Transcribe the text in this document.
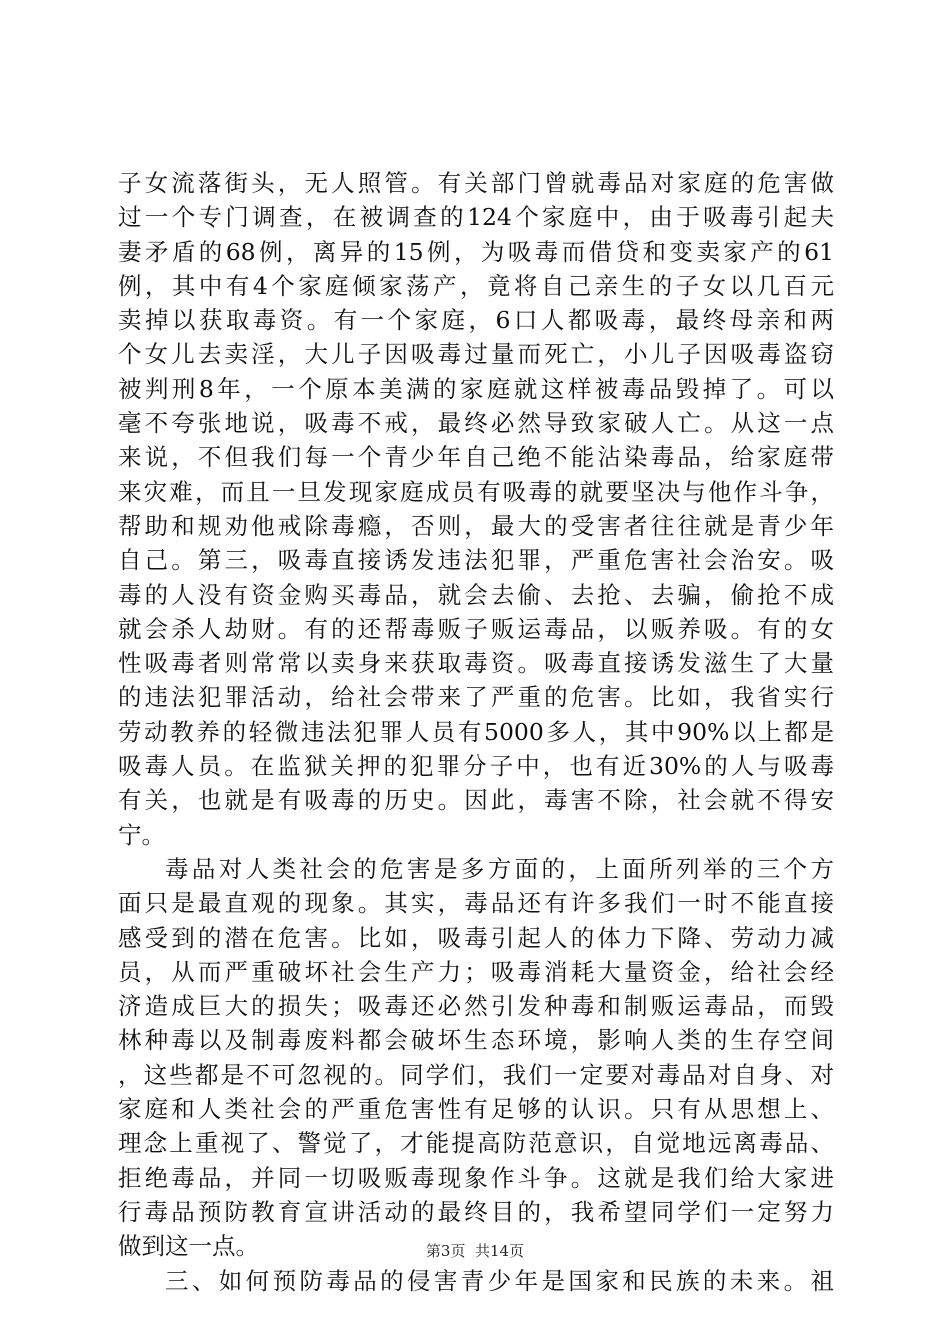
子女流落街头，无人照管。有关部门曾就毒品对家庭的危害做
过一个专门调查，在被调查的124个家庭中，由于吸毒引起夫
妻矛盾的68例，离异的15例，为吸毒而借贷和变卖家产的61
例，其中有4个家庭倾家荡产，竟将自己亲生的子女以几百元
卖掉以获取毒资。有一个家庭，6口人都吸毒，最终母亲和两
个女儿去卖淫，大儿子因吸毒过量而死亡，小儿子因吸毒盗窃
被判刑8年，一个原本美满的家庭就这样被毒品毁掉了。可以
毫不夸张地说，吸毒不戒，最终必然导致家破人亡。从这一点
来说，不但我们每一个青少年自己绝不能沾染毒品，给家庭带
来灾难，而且一旦发现家庭成员有吸毒的就要坚决与他作斗争，
帮助和规劝他戒除毒瘾，否则，最大的受害者往往就是青少年
自己。第三，吸毒直接诱发违法犯罪，严重危害社会治安。吸
毒的人没有资金购买毒品，就会去偷、去抢、去骗，偷抢不成
就会杀人劫财。有的还帮毒贩子贩运毒品，以贩养吸。有的女
性吸毒者则常常以卖身来获取毒资。吸毒直接诱发滋生了大量
的违法犯罪活动，给社会带来了严重的危害。比如，我省实行
劳动教养的轻微违法犯罪人员有5000多人，其中90%以上都是
吸毒人员。在监狱关押的犯罪分子中，也有近30%的人与吸毒
有关，也就是有吸毒的历史。因此，毒害不除，社会就不得安
宁。
毒品对人类社会的危害是多方面的，上面所列举的三个方
面只是最直观的现象。其实，毒品还有许多我们一时不能直接
感受到的潜在危害。比如，吸毒引起人的体力下降、劳动力减
员，从而严重破坏社会生产力；吸毒消耗大量资金，给社会经
济造成巨大的损失；吸毒还必然引发种毒和制贩运毒品，而毁
林种毒以及制毒废料都会破坏生态环境，影响人类的生存空间
，这些都是不可忽视的。同学们，我们一定要对毒品对自身、对
家庭和人类社会的严重危害性有足够的认识。只有从思想上、
理念上重视了、警觉了，才能提高防范意识，自觉地远离毒品、
拒绝毒品，并同一切吸贩毒现象作斗争。这就是我们给大家进
行毒品预防教育宣讲活动的最终目的，我希望同学们一定努力
做到这一点。
三、如何预防毒品的侵害青少年是国家和民族的未来。祖
第3页  共14页
